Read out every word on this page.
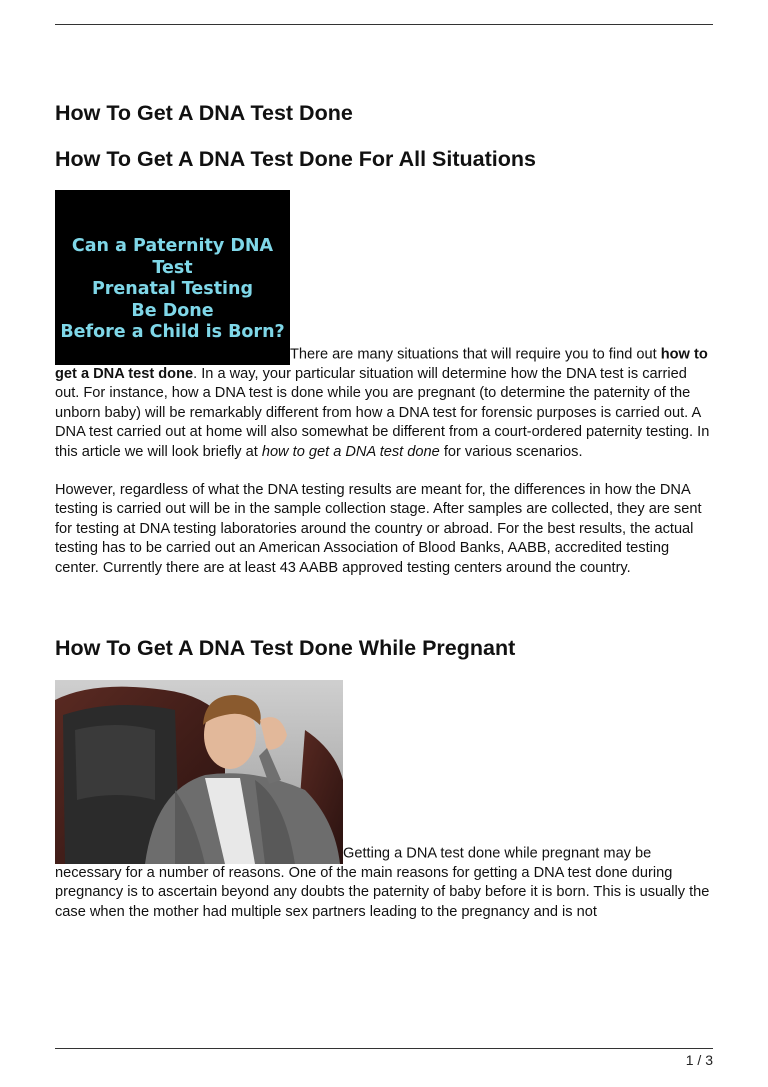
How To Get A DNA Test Done
How To Get A DNA Test Done For All Situations

Can a Paternity DNA Test
Prenatal Testing
Be Done
Before a Child is Born?
There are many situations that will require you to find out how to get a DNA test done. In a way, your particular situation will determine how the DNA test is carried out. For instance, how a DNA test is done while you are pregnant (to determine the paternity of the unborn baby) will be remarkably different from how a DNA test for forensic purposes is carried out. A DNA test carried out at home will also somewhat be different from a court-ordered paternity testing. In this article we will look briefly at how to get a DNA test done for various scenarios.

However, regardless of what the DNA testing results are meant for, the differences in how the DNA testing is carried out will be in the sample collection stage. After samples are collected, they are sent for testing at DNA testing laboratories around the country or abroad. For the best results, the actual testing has to be carried out an American Association of Blood Banks, AABB, accredited testing center. Currently there are at least 43 AABB approved testing centers around the country.

How To Get A DNA Test Done While Pregnant

Getting a DNA test done while pregnant may be necessary for a number of reasons. One of the main reasons for getting a DNA test done during pregnancy is to ascertain beyond any doubts the paternity of baby before it is born. This is usually the case when the mother had multiple sex partners leading to the pregnancy and is not

1 / 3
